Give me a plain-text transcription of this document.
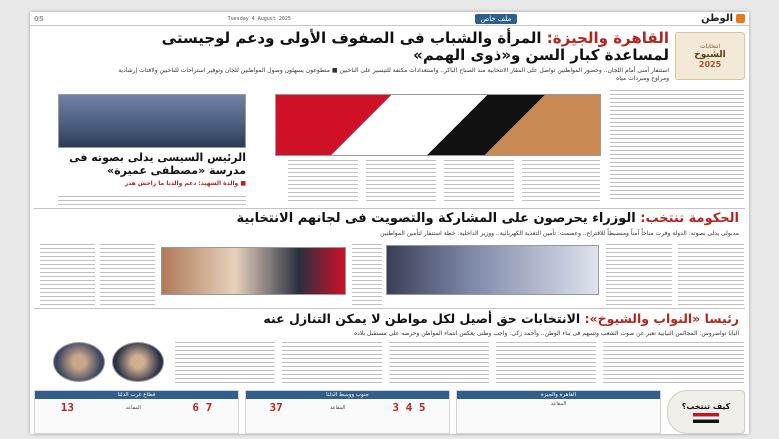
الوطن
ملف خاص
Tuesday 4 August 2025
05
انتخابات
الشيوخ
2025
القاهرة والجيزة: المرأة والشباب فى الصفوف الأولى ودعم لوجيستى لمساعدة كبار السن و«ذوى الهمم»
استنفار أمنى أمام اللجان.. وحضور المواطنين تواصل على المقار الانتخابية منذ الصباح الباكر.. واستعدادات مكثفة للتيسير على الناخبين ■ متطوعون يسهلون وصول المواطنين للجان وتوفير استراحات للناخبين ولافتات إرشادية ومراوح ومبردات مياه
الرئيس السيسى يدلى بصوته فى مدرسة «مصطفى عميرة»
■ والدة الشهيد: دعم والدنا ما راحش هدر
الحكومة تنتخب: الوزراء يحرصون على المشاركة والتصويت فى لجانهم الانتخابية
مدبولى يدلى بصوته: الدولة وفرت مناخاً آمناً ومنضبطاً للاقتراع.. وعصمت: تأمين التغذية الكهربائية.. ووزير الداخلية: خطة استنفار لتأمين المواطنين
رئيسا «النواب والشيوخ»: الانتخابات حق أصيل لكل مواطن لا يمكن التنازل عنه
البابا تواضروس: المجالس النيابية تعبر عن صوت الشعب وتسهم فى بناء الوطن.. وأحمد زكى: واجب وطنى يعكس انتماء المواطن وحرصه على مستقبل بلاده
كيف تنتخب؟
القاهرة والجيزة
المقاعد
جنوب ووسط الدلتا
3 4 5
المقاعد
37
قطاع غرب الدلتا
6 7
المقاعد
13
